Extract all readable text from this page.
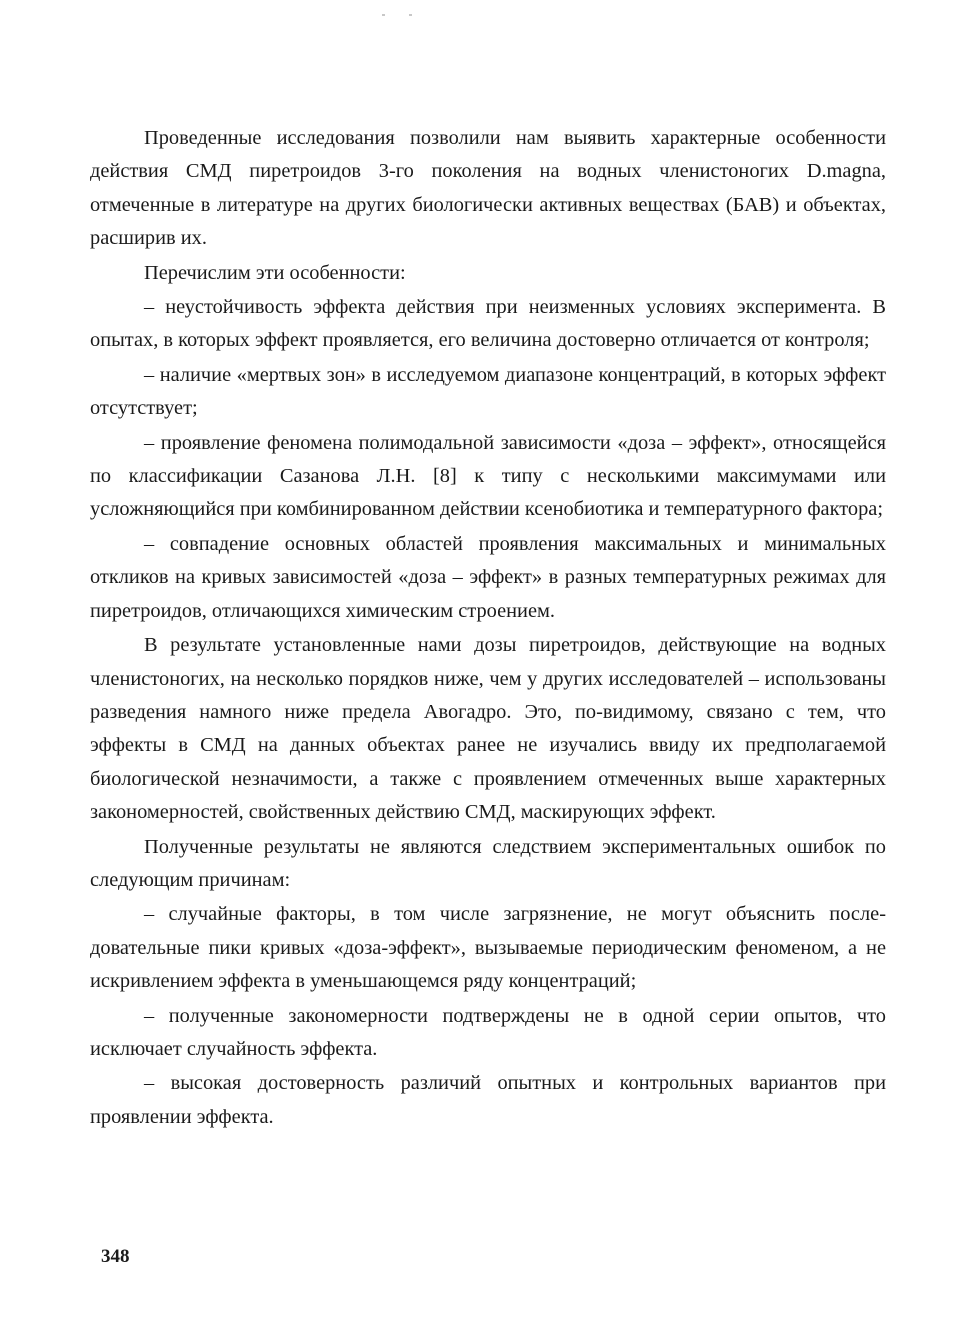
Проведенные исследования позволили нам выявить характерные особенности действия СМД пиретроидов 3-го поколения на водных членистоногих D.magna, отмеченные в литературе на других биологически активных веществах (БАВ) и объектах, расширив их.

Перечислим эти особенности:

– неустойчивость эффекта действия при неизменных условиях эксперимента. В опытах, в которых эффект проявляется, его величина достоверно отличается от контроля;

– наличие «мертвых зон» в исследуемом диапазоне концентраций, в которых эффект отсутствует;

– проявление феномена полимодальной зависимости «доза – эффект», относящейся по классификации Сазанова Л.Н. [8] к типу с несколькими максимумами или усложняющийся при комбинированном действии ксенобиотика и температурного фактора;

– совпадение основных областей проявления максимальных и минимальных откликов на кривых зависимостей «доза – эффект» в разных температурных режимах для пиретроидов, отличающихся химическим строением.

В результате установленные нами дозы пиретроидов, действующие на водных членистоногих, на несколько порядков ниже, чем у других исследователей – использованы разведения намного ниже предела Авогадро. Это, по-видимому, связано с тем, что эффекты в СМД на данных объектах ранее не изучались ввиду их предполагаемой биологической незначимости, а также с проявлением отмеченных выше характерных закономерностей, свойственных действию СМД, маскирующих эффект.

Полученные результаты не являются следствием экспериментальных ошибок по следующим причинам:

– случайные факторы, в том числе загрязнение, не могут объяснить последовательные пики кривых «доза-эффект», вызываемые периодическим феноменом, а не искривлением эффекта в уменьшающемся ряду концентраций;

– полученные закономерности подтверждены не в одной серии опытов, что исключает случайность эффекта.

– высокая достоверность различий опытных и контрольных вариантов при проявлении эффекта.

348
